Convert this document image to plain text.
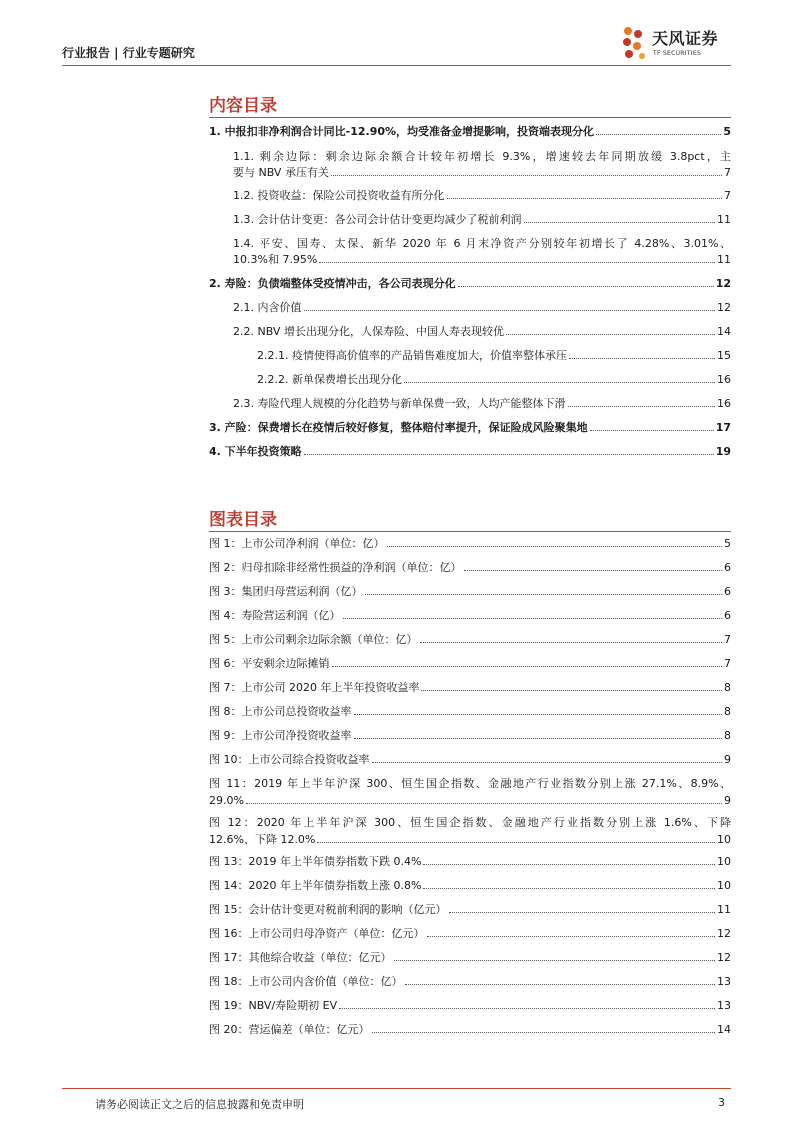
行业报告 | 行业专题研究
天风证券
TF SECURITIES
内容目录
1. 中报扣非净利润合计同比-12.90%，均受准备金增提影响，投资端表现分化	5
1.1. 剩余边际：剩余边际余额合计较年初增长 9.3%，增速较去年同期放缓 3.8pct，主
要与 NBV 承压有关	7
1.2. 投资收益：保险公司投资收益有所分化	7
1.3. 会计估计变更：各公司会计估计变更均减少了税前利润	11
1.4. 平安、国寿、太保、新华 2020 年 6 月末净资产分别较年初增长了 4.28%、3.01%、
10.3%和 7.95%	11
2. 寿险：负债端整体受疫情冲击，各公司表现分化	12
2.1. 内含价值	12
2.2. NBV 增长出现分化，人保寿险、中国人寿表现较优	14
2.2.1. 疫情使得高价值率的产品销售难度加大，价值率整体承压	15
2.2.2. 新单保费增长出现分化	16
2.3. 寿险代理人规模的分化趋势与新单保费一致，人均产能整体下滑	16
3. 产险：保费增长在疫情后较好修复，整体赔付率提升，保证险成风险聚集地	17
4. 下半年投资策略	19
图表目录
图 1：上市公司净利润（单位：亿）	5
图 2：归母扣除非经常性损益的净利润（单位：亿）	6
图 3：集团归母营运利润（亿）	6
图 4：寿险营运利润（亿）	6
图 5：上市公司剩余边际余额（单位：亿）	7
图 6：平安剩余边际摊销	7
图 7：上市公司 2020 年上半年投资收益率	8
图 8：上市公司总投资收益率	8
图 9：上市公司净投资收益率	8
图 10：上市公司综合投资收益率	9
图 11：2019 年上半年沪深 300、恒生国企指数、金融地产行业指数分别上涨 27.1%、8.9%、
29.0%	9
图 12：2020 年上半年沪深 300、恒生国企指数、金融地产行业指数分别上涨 1.6%、下降
12.6%、下降 12.0%	10
图 13：2019 年上半年债券指数下跌 0.4%	10
图 14：2020 年上半年债券指数上涨 0.8%	10
图 15：会计估计变更对税前利润的影响（亿元）	11
图 16：上市公司归母净资产（单位：亿元）	12
图 17：其他综合收益（单位：亿元）	12
图 18：上市公司内含价值（单位：亿）	13
图 19：NBV/寿险期初 EV	13
图 20：营运偏差（单位：亿元）	14
请务必阅读正文之后的信息披露和免责申明	3
